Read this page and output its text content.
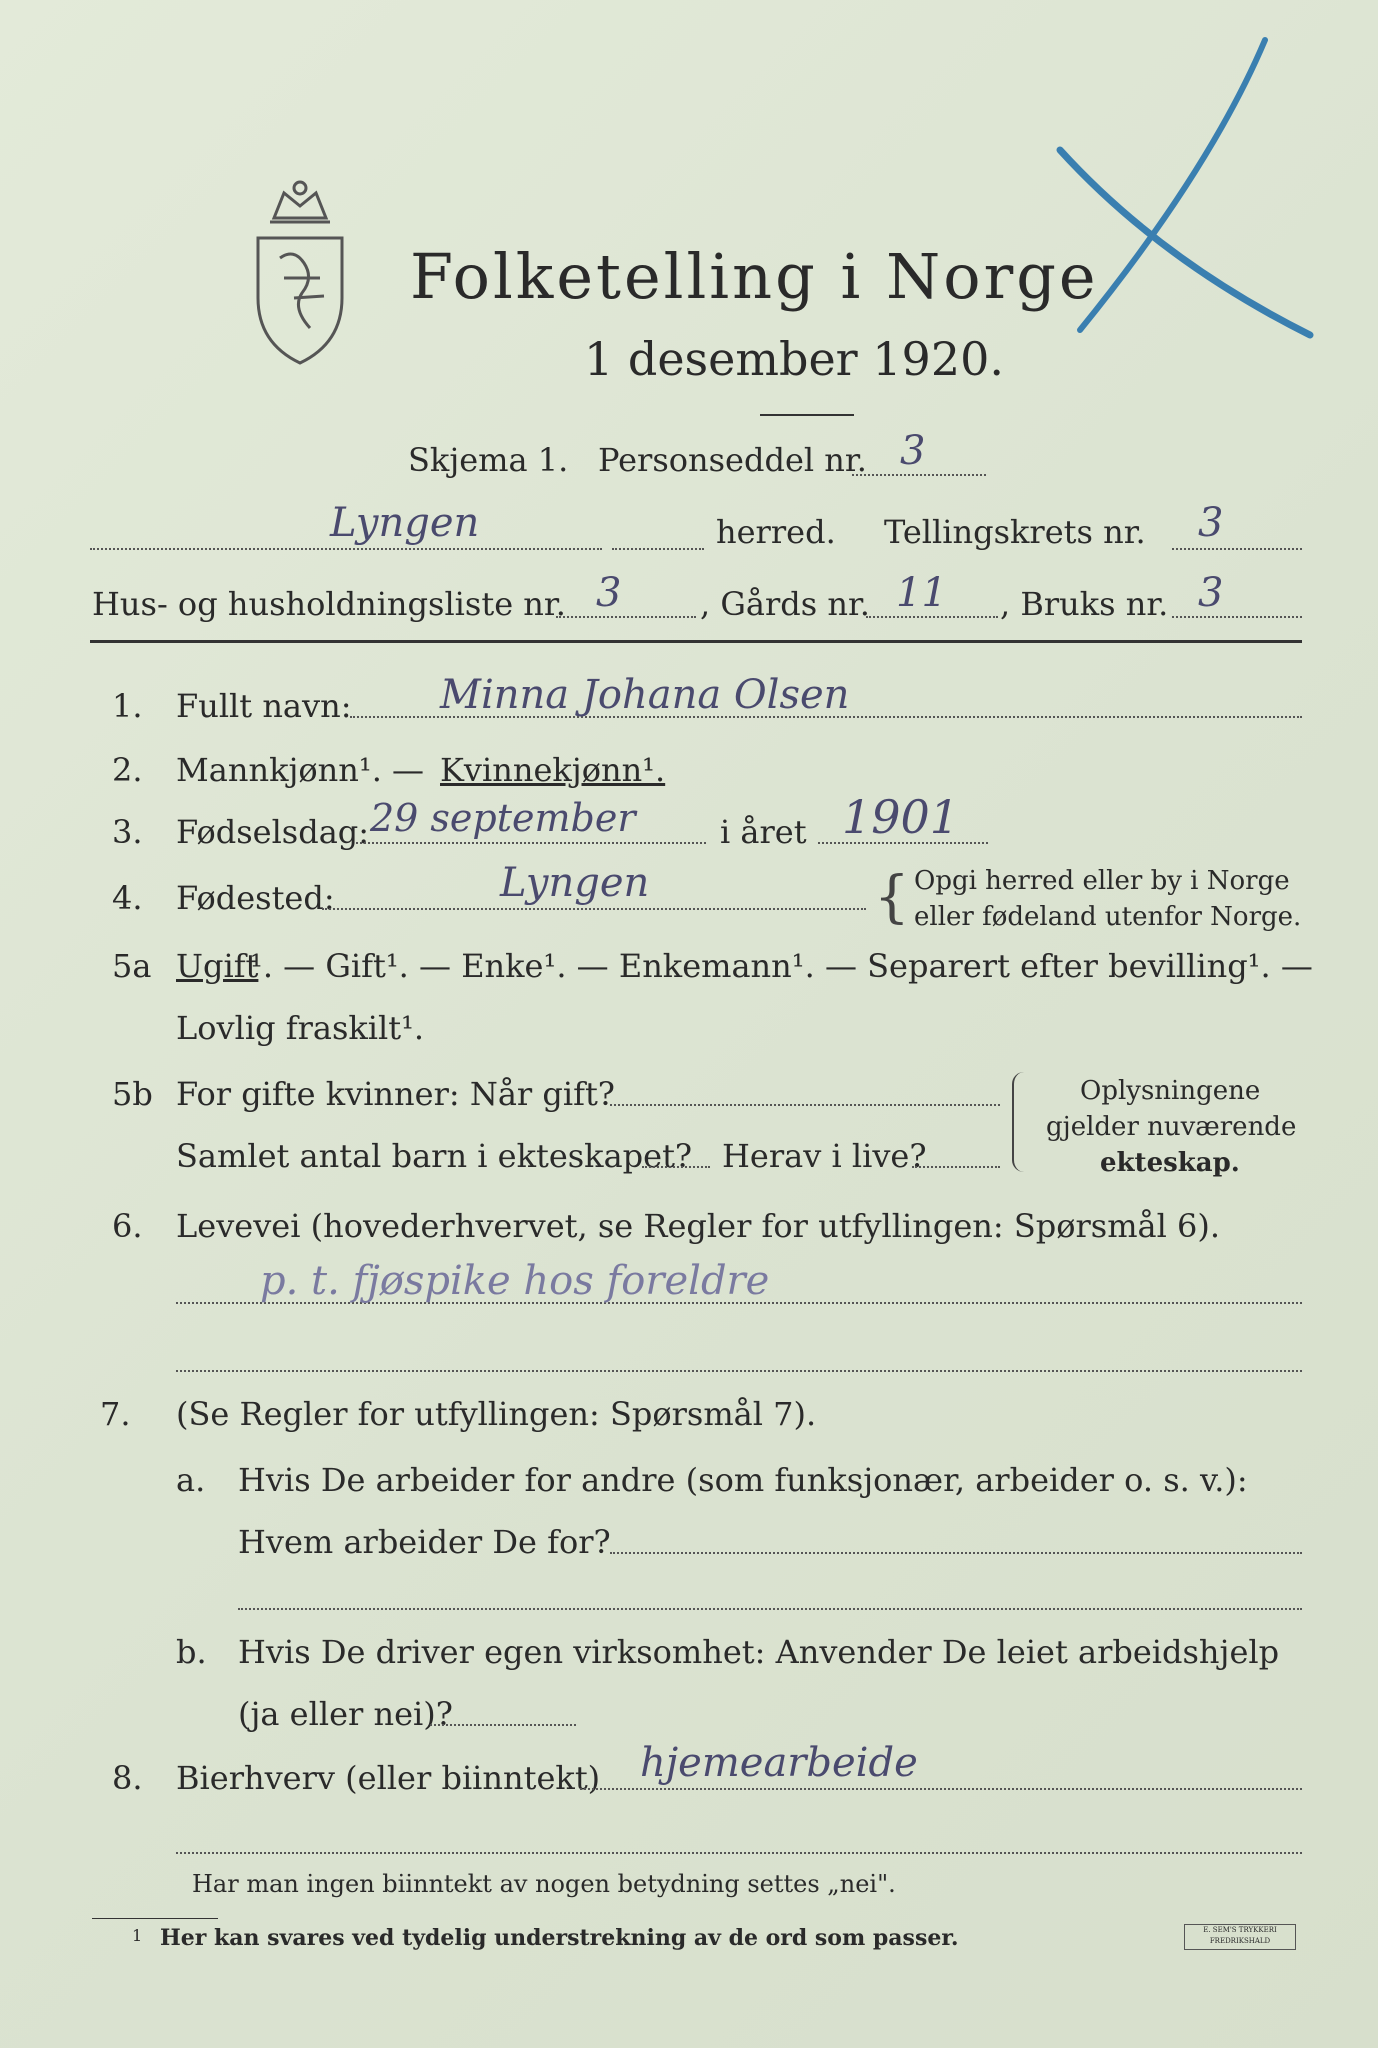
Folketelling i Norge
1 desember 1920.
Skjema 1. Personseddel nr. 3
Lyngen	herred. Tellingskrets nr. 3
Hus- og husholdningsliste nr. 3 , Gårds nr. 11 , Bruks nr. 3
1. Fullt navn: Minna Johana Olsen
2. Mannkjønn¹. — Kvinnekjønn¹.
3. Fødselsdag: 29 september	i året 1901
4. Fødested:	Lyngen	{ Opgi herred eller by i Norge
eller fødeland utenfor Norge.
5a Ugift
¹. — Gift¹. — Enke¹. — Enkemann¹. — Separert efter bevilling¹. —
Lovlig fraskilt¹.
5b For gifte kvinner: Når gift?
Samlet antal barn i ekteskapet? Herav i live?
Oplysningene
gjelder nuværende
ekteskap.
6. Levevei (hovederhvervet, se Regler for utfyllingen: Spørsmål 6).
p. t. fjøspike hos foreldre
7. (Se Regler for utfyllingen: Spørsmål 7).
a. Hvis De arbeider for andre (som funksjonær, arbeider o. s. v.):
Hvem arbeider De for?
b. Hvis De driver egen virksomhet: Anvender De leiet arbeidshjelp
(ja eller nei)?
8. Bierhverv (eller biinntekt) hjemearbeide
Har man ingen biinntekt av nogen betydning settes „nei".
1 Her kan svares ved tydelig understrekning av de ord som passer.	E. SEM'S TRYKKERI
FREDRIKSHALD
